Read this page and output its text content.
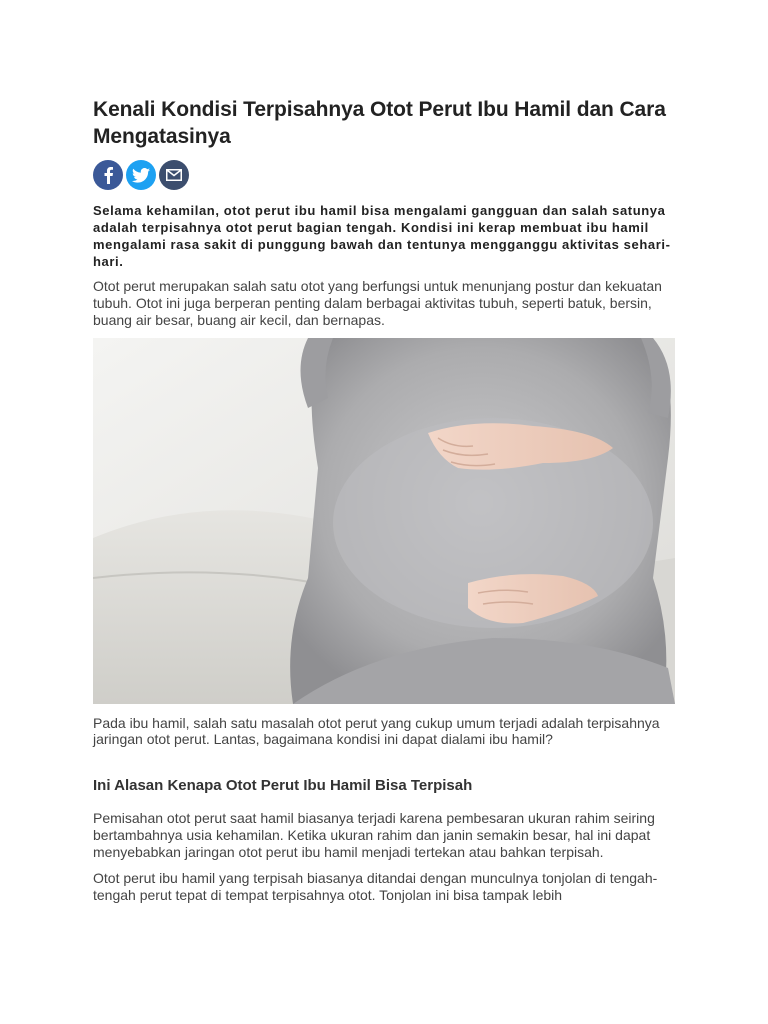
Kenali Kondisi Terpisahnya Otot Perut Ibu Hamil dan Cara Mengatasinya

Selama kehamilan, otot perut ibu hamil bisa mengalami gangguan dan salah satunya adalah terpisahnya otot perut bagian tengah. Kondisi ini kerap membuat ibu hamil mengalami rasa sakit di punggung bawah dan tentunya mengganggu aktivitas sehari-hari.

Otot perut merupakan salah satu otot yang berfungsi untuk menunjang postur dan kekuatan tubuh. Otot ini juga berperan penting dalam berbagai aktivitas tubuh, seperti batuk, bersin, buang air besar, buang air kecil, dan bernapas.

Pada ibu hamil, salah satu masalah otot perut yang cukup umum terjadi adalah terpisahnya jaringan otot perut. Lantas, bagaimana kondisi ini dapat dialami ibu hamil?

Ini Alasan Kenapa Otot Perut Ibu Hamil Bisa Terpisah

Pemisahan otot perut saat hamil biasanya terjadi karena pembesaran ukuran rahim seiring bertambahnya usia kehamilan. Ketika ukuran rahim dan janin semakin besar, hal ini dapat menyebabkan jaringan otot perut ibu hamil menjadi tertekan atau bahkan terpisah.

Otot perut ibu hamil yang terpisah biasanya ditandai dengan munculnya tonjolan di tengah-tengah perut tepat di tempat terpisahnya otot. Tonjolan ini bisa tampak lebih
